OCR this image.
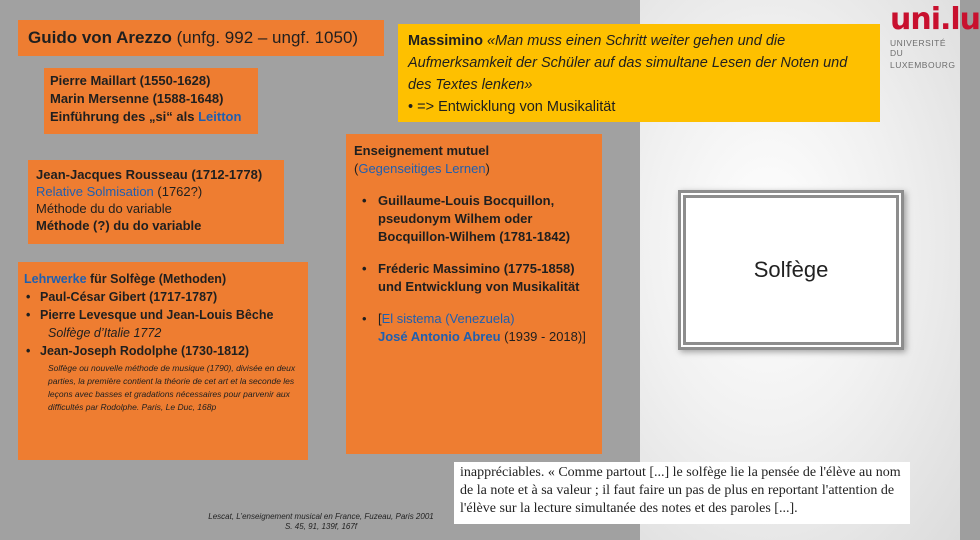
Guido von Arezzo (unfg. 992 – ungf. 1050)
Pierre Maillart (1550-1628)
Marin Mersenne (1588-1648)
Einführung des „si“ als Leitton
Jean-Jacques Rousseau (1712-1778)
Relative Solmisation (1762?)
Méthode du do variable
Méthode (?) du do variable
Lehrwerke für Solfège (Methoden)
• Paul-César Gibert (1717-1787)
• Pierre Levesque und Jean-Louis Bêche
Solfège d’Italie 1772
• Jean-Joseph Rodolphe (1730-1812)
Solfège ou nouvelle méthode de musique (1790), divisée en deux parties, la première contient la théorie de cet art et la seconde les leçons avec basses et gradations nécessaires pour parvenir aux difficultés par Rodolphe. Paris, Le Duc, 168p
Massimino «Man muss einen Schritt weiter gehen und die Aufmerksamkeit der Schüler auf das simultane Lesen der Noten und des Textes lenken»
• => Entwicklung von Musikalität
Enseignement mutuel
(Gegenseitiges Lernen)
• Guillaume-Louis Bocquillon, pseudonym Wilhem oder Bocquillon-Wilhem (1781-1842)
• Fréderic Massimino (1775-1858) und Entwicklung von Musikalität
• [El sistema (Venezuela)
José Antonio Abreu (1939 - 2018)]
uni.lu
UNIVERSITÉ DU
LUXEMBOURG
Solfège
inappréciables. « Comme partout [...] le solfège lie la pensée de l'élève au nom de la note et à sa valeur ; il faut faire un pas de plus en reportant l'attention de l'élève sur la lecture simultanée des notes et des paroles [...].
Lescat, L’enseignement musical en France, Fuzeau, Paris 2001
S. 45, 91, 139f, 167f
